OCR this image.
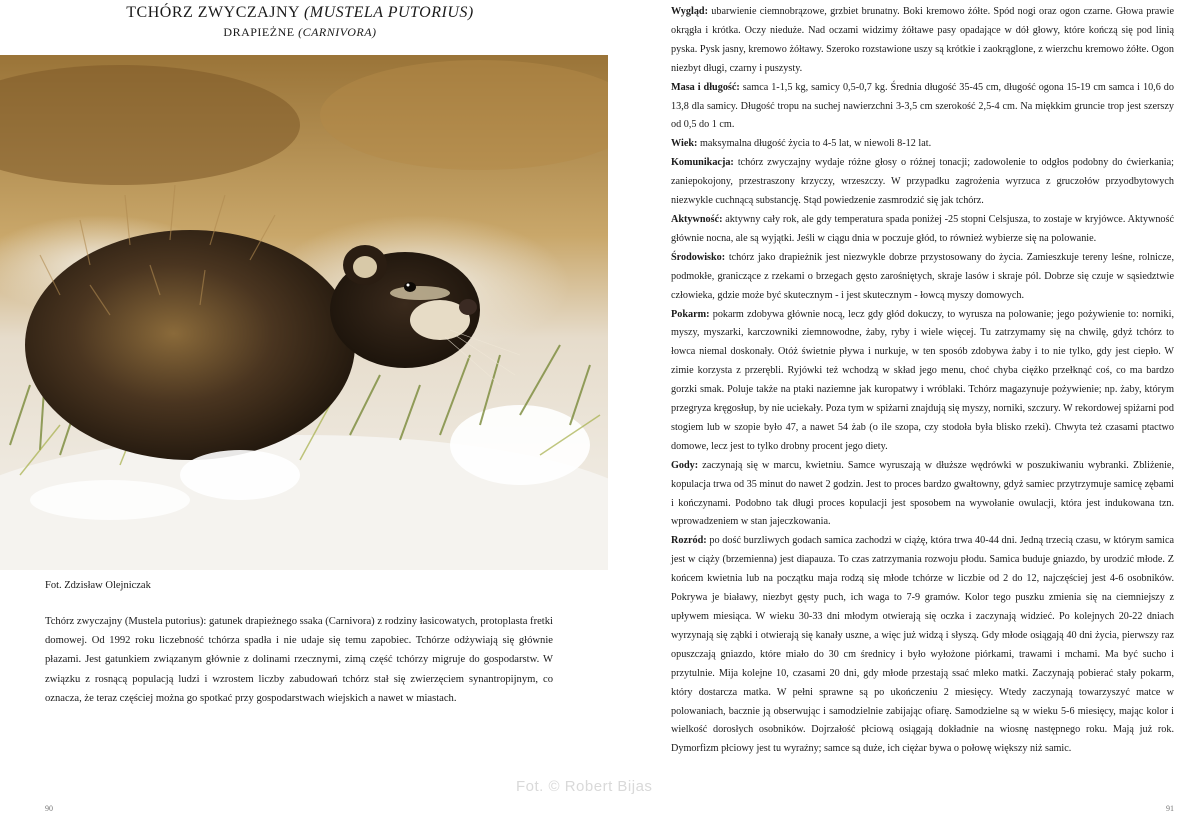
TCHÓRZ ZWYCZAJNY (MUSTELA PUTORIUS)
DRAPIEŻNE (CARNIVORA)
Fot. Zdzisław Olejniczak
Tchórz zwyczajny (Mustela putorius): gatunek drapieżnego ssaka (Carnivora) z rodziny łasicowatych, protoplasta fretki domowej. Od 1992 roku liczebność tchórza spadła i nie udaje się temu zapobiec. Tchórze odżywiają się głównie płazami. Jest gatunkiem związanym głównie z dolinami rzecznymi, zimą część tchórzy migruje do gospodarstw. W związku z rosnącą populacją ludzi i wzrostem liczby zabudowań tchórz stał się zwierzęciem synantropijnym, co oznacza, że teraz częściej można go spotkać przy gospodarstwach wiejskich a nawet w miastach.
90

Wygląd: ubarwienie ciemnobrązowe, grzbiet brunatny. Boki kremowo żółte. Spód nogi oraz ogon czarne. Głowa prawie okrągła i krótka. Oczy nieduże. Nad oczami widzimy żółtawe pasy opadające w dół głowy, które kończą się pod linią pyska. Pysk jasny, kremowo żółtawy. Szeroko rozstawione uszy są krótkie i zaokrąglone, z wierzchu kremowo żółte. Ogon niezbyt długi, czarny i puszysty.

Masa i długość: samca 1-1,5 kg, samicy 0,5-0,7 kg. Średnia długość 35-45 cm, długość ogona 15-19 cm samca i 10,6 do 13,8 dla samicy. Długość tropu na suchej nawierzchni 3-3,5 cm szerokość 2,5-4 cm. Na miękkim gruncie trop jest szerszy od 0,5 do 1 cm.

Wiek: maksymalna długość życia to 4-5 lat, w niewoli 8-12 lat.

Komunikacja: tchórz zwyczajny wydaje różne głosy o różnej tonacji; zadowolenie to odgłos podobny do ćwierkania; zaniepokojony, przestraszony krzyczy, wrzeszczy. W przypadku zagrożenia wyrzuca z gruczołów przyodbytowych niezwykle cuchnącą substancję. Stąd powiedzenie zasmrodzić się jak tchórz.

Aktywność: aktywny cały rok, ale gdy temperatura spada poniżej -25 stopni Celsjusza, to zostaje w kryjówce. Aktywność głównie nocna, ale są wyjątki. Jeśli w ciągu dnia w poczuje głód, to również wybierze się na polowanie.

Środowisko: tchórz jako drapieżnik jest niezwykle dobrze przystosowany do życia. Zamieszkuje tereny leśne, rolnicze, podmokłe, graniczące z rzekami o brzegach gęsto zarośniętych, skraje lasów i skraje pól. Dobrze się czuje w sąsiedztwie człowieka, gdzie może być skutecznym - i jest skutecznym - łowcą myszy domowych.

Pokarm: pokarm zdobywa głównie nocą, lecz gdy głód dokuczy, to wyrusza na polowanie; jego pożywienie to: norniki, myszy, myszarki, karczowniki ziemnowodne, żaby, ryby i wiele więcej. Tu zatrzymamy się na chwilę, gdyż tchórz to łowca niemal doskonały. Otóż świetnie pływa i nurkuje, w ten sposób zdobywa żaby i to nie tylko, gdy jest ciepło. W zimie korzysta z przerębli. Ryjówki też wchodzą w skład jego menu, choć chyba ciężko przełknąć coś, co ma bardzo gorzki smak. Poluje także na ptaki naziemne jak kuropatwy i wróblaki. Tchórz magazynuje pożywienie; np. żaby, którym przegryza kręgosłup, by nie uciekały. Poza tym w spiżarni znajdują się myszy, norniki, szczury. W rekordowej spiżarni pod stogiem lub w szopie było 47, a nawet 54 żab (o ile szopa, czy stodoła była blisko rzeki). Chwyta też czasami ptactwo domowe, lecz jest to tylko drobny procent jego diety.

Gody: zaczynają się w marcu, kwietniu. Samce wyruszają w dłuższe wędrówki w poszukiwaniu wybranki. Zbliżenie, kopulacja trwa od 35 minut do nawet 2 godzin. Jest to proces bardzo gwałtowny, gdyż samiec przytrzymuje samicę zębami i kończynami. Podobno tak długi proces kopulacji jest sposobem na wywołanie owulacji, która jest indukowana tzn. wprowadzeniem w stan jajeczkowania.

Rozród: po dość burzliwych godach samica zachodzi w ciążę, która trwa 40-44 dni. Jedną trzecią czasu, w którym samica jest w ciąży (brzemienna) jest diapauza. To czas zatrzymania rozwoju płodu. Samica buduje gniazdo, by urodzić młode. Z końcem kwietnia lub na początku maja rodzą się młode tchórze w liczbie od 2 do 12, najczęściej jest 4-6 osobników. Pokrywa je białawy, niezbyt gęsty puch, ich waga to 7-9 gramów. Kolor tego puszku zmienia się na ciemniejszy z upływem miesiąca. W wieku 30-33 dni młodym otwierają się oczka i zaczynają widzieć. Po kolejnych 20-22 dniach wyrzynają się ząbki i otwierają się kanały uszne, a więc już widzą i słyszą. Gdy młode osiągają 40 dni życia, pierwszy raz opuszczają gniazdo, które miało do 30 cm średnicy i było wyłożone piórkami, trawami i mchami. Ma być sucho i przytulnie. Mija kolejne 10, czasami 20 dni, gdy młode przestają ssać mleko matki. Zaczynają pobierać stały pokarm, który dostarcza matka. W pełni sprawne są po ukończeniu 2 miesięcy. Wtedy zaczynają towarzyszyć matce w polowaniach, bacznie ją obserwując i samodzielnie zabijając ofiarę. Samodzielne są w wieku 5-6 miesięcy, mając kolor i wielkość dorosłych osobników. Dojrzałość płciową osiągają dokładnie na wiosnę następnego roku. Mają już rok. Dymorfizm płciowy jest tu wyraźny; samce są duże, ich ciężar bywa o połowę większy niż samic.

91
Fot. © Robert Bijas
